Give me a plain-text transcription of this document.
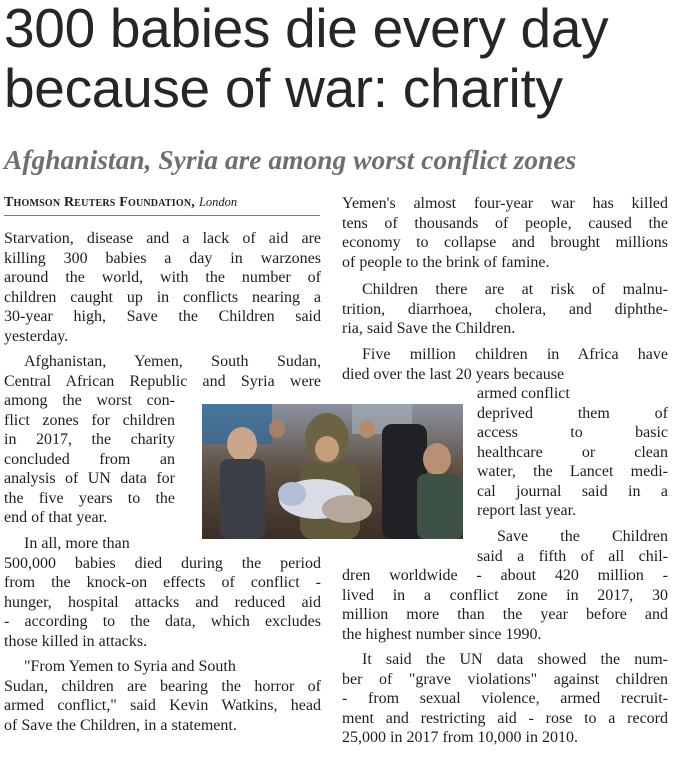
300 babies die every day
because of war: charity
Afghanistan, Syria are among worst conflict zones
Thomson Reuters Foundation, London
Starvation, disease and a lack of aid are
killing 300 babies a day in warzones
around the world, with the number of
children caught up in conflicts nearing a
30-year high, Save the Children said
yesterday.
Afghanistan, Yemen, South Sudan,
Central African Republic and Syria were
among the worst con-
flict zones for children
in 2017, the charity
concluded from an
analysis of UN data for
the five years to the
end of that year.
In all, more than
500,000 babies died during the period
from the knock-on effects of conflict -
hunger, hospital attacks and reduced aid
- according to the data, which excludes
those killed in attacks.
"From Yemen to Syria and South
Sudan, children are bearing the horror of
armed conflict," said Kevin Watkins, head
of Save the Children, in a statement.
Yemen's almost four-year war has killed
tens of thousands of people, caused the
economy to collapse and brought millions
of people to the brink of famine.
Children there are at risk of malnu-
trition, diarrhoea, cholera, and diphthe-
ria, said Save the Children.
Five million children in Africa have
died over the last 20 years because
armed conflict
deprived them of
access to basic
healthcare or clean
water, the Lancet medi-
cal journal said in a
report last year.
Save the Children
said a fifth of all chil-
dren worldwide - about 420 million -
lived in a conflict zone in 2017, 30
million more than the year before and
the highest number since 1990.
It said the UN data showed the num-
ber of "grave violations" against children
- from sexual violence, armed recruit-
ment and restricting aid - rose to a record
25,000 in 2017 from 10,000 in 2010.
